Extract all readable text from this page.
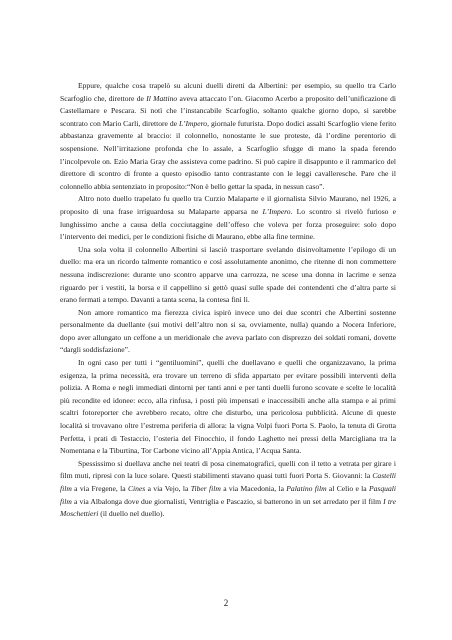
Eppure, qualche cosa trapelò su alcuni duelli diretti da Albertini: per esempio, su quello tra Carlo Scarfoglio che, direttore de Il Mattino aveva attaccato l’on. Giacomo Acerbo a proposito dell’unificazione di Castellamare e Pescara. Si notì che l’instancabile Scarfoglio, soltanto qualche giorno dopo, si sarebbe scontrato con Mario Carli, direttore de L’Impero, giornale futurista. Dopo dodici assalti Scarfoglio viene ferito abbastanza gravemente al braccio: il colonnello, nonostante le sue proteste, dà l’ordine perentorio di sospensione. Nell’irritazione profonda che lo assale, a Scarfoglio sfugge di mano la spada ferendo l’incolpevole on. Ezio Maria Gray che assisteva come padrino. Si può capire il disappunto e il rammarico del direttore di scontro di fronte a questo episodio tanto contrastante con le leggi cavalleresche. Pare che il colonnello abbia sentenziato in proposito:“Non è bello gettar la spada, in nessun caso”.

Altro noto duello trapelato fu quello tra Curzio Malaparte e il giornalista Silvio Maurano, nel 1926, a proposito di una frase irriguardosa su Malaparte apparsa ne L’Impero. Lo scontro si rivelò furioso e lunghissimo anche a causa della cocciutaggine dell’offeso che voleva per forza proseguire: solo dopo l’intervento dei medici, per le condizioni fisiche di Maurano, ebbe alla fine termine.

Una sola volta il colonnello Albertini si lasciò trasportare svelando disinvoltamente l’epilogo di un duello: ma era un ricordo talmente romantico e così assolutamente anonimo, che ritenne di non commettere nessuna indiscrezione: durante uno scontro apparve una carrozza, ne scese una donna in lacrime e senza riguardo per i vestiti, la borsa e il cappellino si gettò quasi sulle spade dei contendenti che d’altra parte si erano fermati a tempo. Davanti a tanta scena, la contesa finì lì.

Non amore romantico ma fierezza civica ispirò invece uno dei due scontri che Albertini sostenne personalmente da duellante (sui motivi dell’altro non si sa, ovviamente, nulla) quando a Nocera Inferiore, dopo aver allungato un ceffone a un meridionale che aveva parlato con disprezzo dei soldati romani, dovette “dargli soddisfazione”.

In ogni caso per tutti i “gentiluomini”, quelli che duellavano e quelli che organizzavano, la prima esigenza, la prima necessità, era trovare un terreno di sfida appartato per evitare possibili interventi della polizia. A Roma e negli immediati dintorni per tanti anni e per tanti duelli furono scovate e scelte le località più recondite ed idonee: ecco, alla rinfusa, i posti più impensati e inaccessibili anche alla stampa e ai primi scaltri fotoreporter che avrebbero recato, oltre che disturbo, una pericolosa pubblicità. Alcune di queste località si trovavano oltre l’estrema periferia di allora: la vigna Volpi fuori Porta S. Paolo, la tenuta di Grotta Perfetta, i prati di Testaccio, l’osteria del Finocchio, il fondo Laghetto nei pressi della Marcigliana tra la Nomentana e la Tiburtina, Tor Carbone vicino all’Appia Antica, l’Acqua Santa.

Spessissimo si duellava anche nei teatri di posa cinematografici, quelli con il tetto a vetrata per girare i film muti, ripresi con la luce solare. Questi stabilimenti stavano quasi tutti fuori Porta S. Giovanni: la Castelli film a via Fregene, la Cines a via Vejo, la Tiber film a via Macedonia, la Palatino film al Celio e la Pasquali film a via Albalonga dove due giornalisti, Ventriglia e Pascazio, si batterono in un set arredato per il film I tre Moschettieri (il duello nel duello).

2
